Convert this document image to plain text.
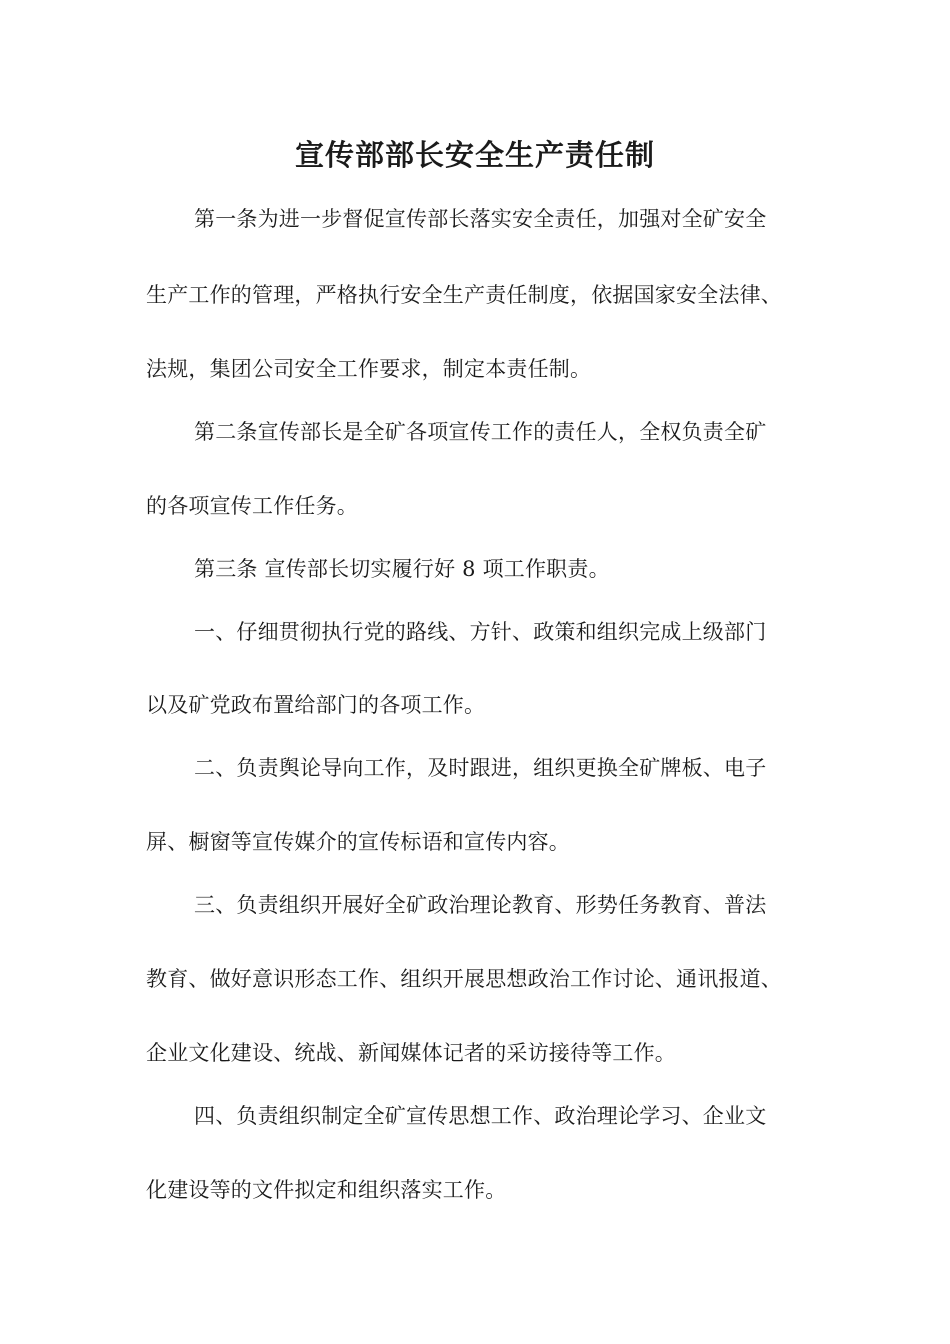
宣传部部长安全生产责任制
第一条为进一步督促宣传部长落实安全责任，加强对全矿安全
生产工作的管理，严格执行安全生产责任制度，依据国家安全法律、
法规，集团公司安全工作要求，制定本责任制。
第二条宣传部长是全矿各项宣传工作的责任人，全权负责全矿
的各项宣传工作任务。
第三条 宣传部长切实履行好 8 项工作职责。
一、仔细贯彻执行党的路线、方针、政策和组织完成上级部门
以及矿党政布置给部门的各项工作。
二、负责舆论导向工作，及时跟进，组织更换全矿牌板、电子
屏、橱窗等宣传媒介的宣传标语和宣传内容。
三、负责组织开展好全矿政治理论教育、形势任务教育、普法
教育、做好意识形态工作、组织开展思想政治工作讨论、通讯报道、
企业文化建设、统战、新闻媒体记者的采访接待等工作。
四、负责组织制定全矿宣传思想工作、政治理论学习、企业文
化建设等的文件拟定和组织落实工作。
